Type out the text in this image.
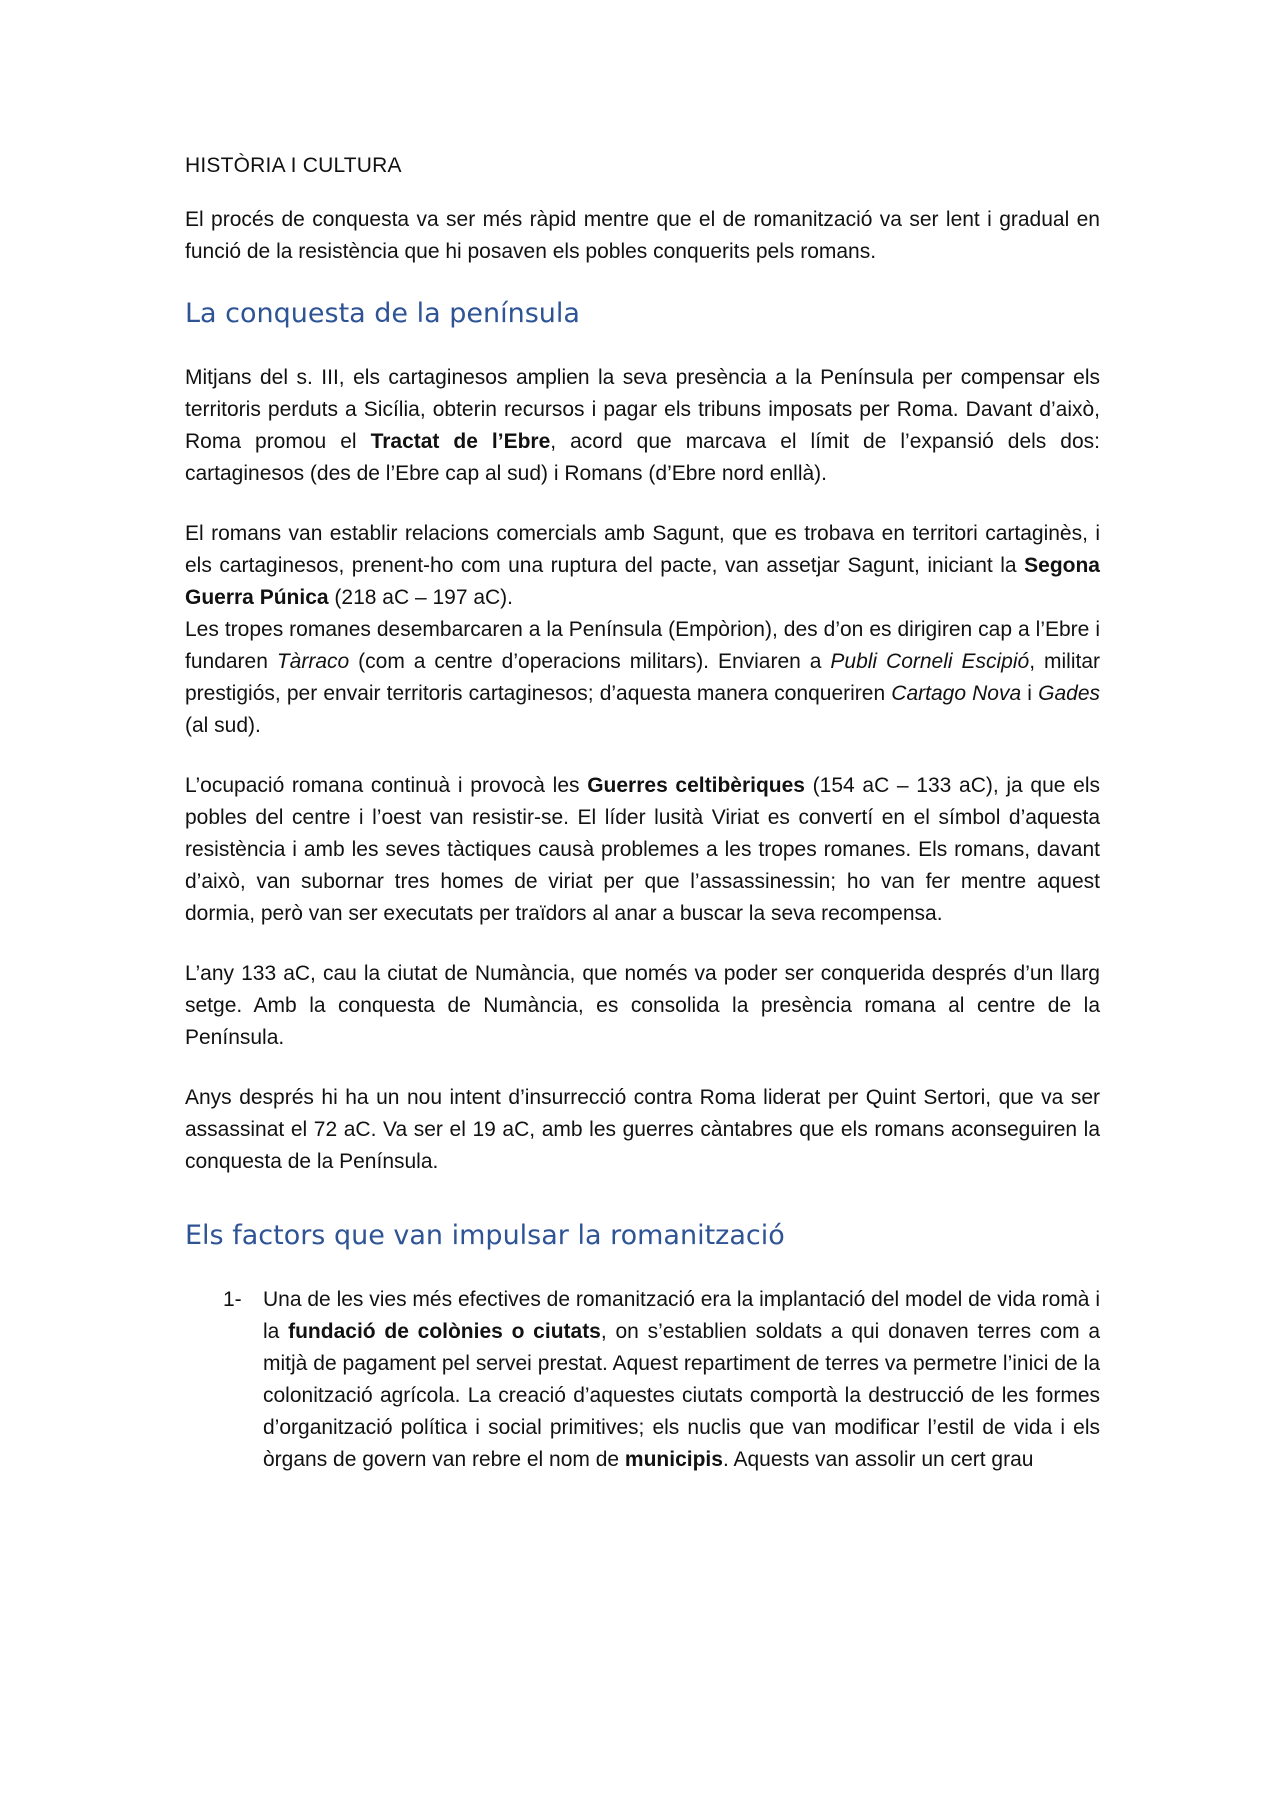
HISTÒRIA I CULTURA

El procés de conquesta va ser més ràpid mentre que el de romanització va ser lent i gradual en funció de la resistència que hi posaven els pobles conquerits pels romans.

La conquesta de la península

Mitjans del s. III, els cartaginesos amplien la seva presència a la Península per compensar els territoris perduts a Sicília, obterin recursos i pagar els tribuns imposats per Roma. Davant d’això, Roma promou el Tractat de l’Ebre, acord que marcava el límit de l’expansió dels dos: cartaginesos (des de l’Ebre cap al sud) i Romans (d’Ebre nord enllà).

El romans van establir relacions comercials amb Sagunt, que es trobava en territori cartaginès, i els cartaginesos, prenent-ho com una ruptura del pacte, van assetjar Sagunt, iniciant la Segona Guerra Púnica (218 aC – 197 aC).

Les tropes romanes desembarcaren a la Península (Empòrion), des d’on es dirigiren cap a l’Ebre i fundaren Tàrraco (com a centre d’operacions militars). Enviaren a Publi Corneli Escipió, militar prestigiós, per envair territoris cartaginesos; d’aquesta manera conqueriren Cartago Nova i Gades (al sud).

L’ocupació romana continuà i provocà les Guerres celtibèriques (154 aC – 133 aC), ja que els pobles del centre i l’oest van resistir-se. El líder lusità Viriat es convertí en el símbol d’aquesta resistència i amb les seves tàctiques causà problemes a les tropes romanes. Els romans, davant d’això, van subornar tres homes de viriat per que l’assassinessin; ho van fer mentre aquest dormia, però van ser executats per traïdors al anar a buscar la seva recompensa.

L’any 133 aC, cau la ciutat de Numància, que només va poder ser conquerida després d’un llarg setge. Amb la conquesta de Numància, es consolida la presència romana al centre de la Península.

Anys després hi ha un nou intent d’insurrecció contra Roma liderat per Quint Sertori, que va ser assassinat el 72 aC. Va ser el 19 aC, amb les guerres càntabres que els romans aconseguiren la conquesta de la Península.

Els factors que van impulsar la romanització
1- Una de les vies més efectives de romanització era la implantació del model de vida romà i la fundació de colònies o ciutats, on s’establien soldats a qui donaven terres com a mitjà de pagament pel servei prestat. Aquest repartiment de terres va permetre l’inici de la colonització agrícola. La creació d’aquestes ciutats comportà la destrucció de les formes d’organització política i social primitives; els nuclis que van modificar l’estil de vida i els òrgans de govern van rebre el nom de municipis. Aquests van assolir un cert grau
